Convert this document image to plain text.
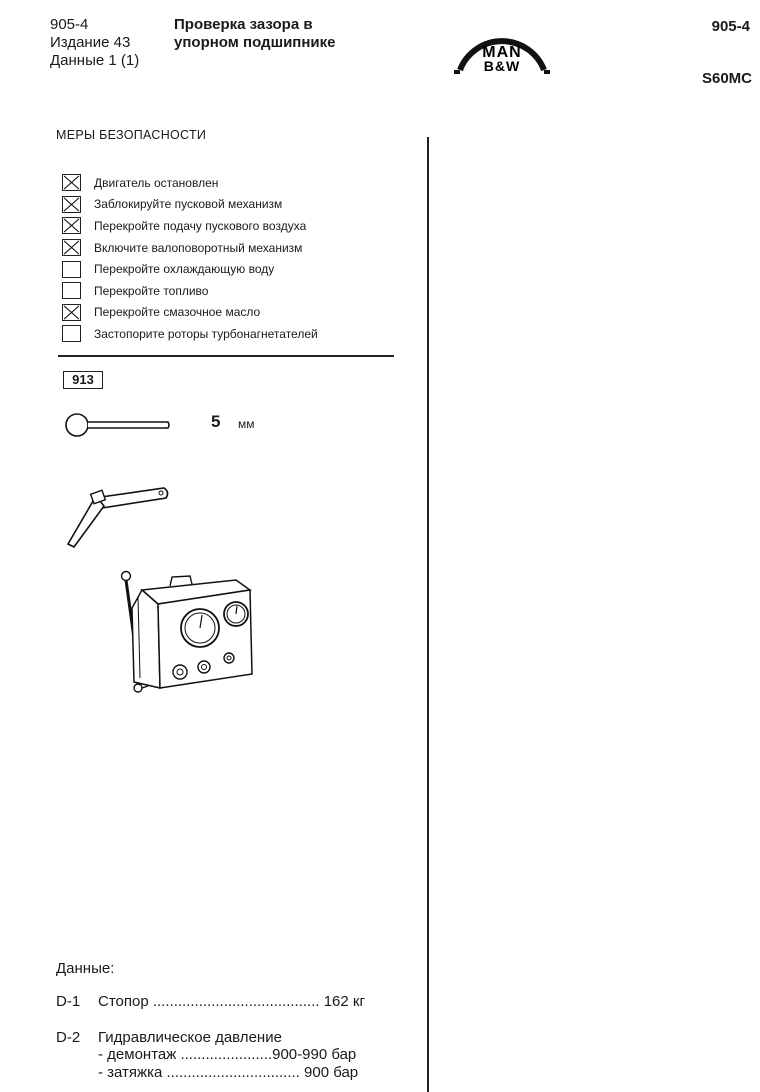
905-4
Издание 43
Данные 1 (1)
Проверка зазора в
упорном подшипнике
MAN
B&W
905-4
S60MC
МЕРЫ БЕЗОПАСНОСТИ
Двигатель остановлен
Заблокируйте пусковой механизм
Перекройте подачу пускового воздуха
Включите валоповоротный механизм
Перекройте охлаждающую воду
Перекройте топливо
Перекройте смазочное масло
Застопорите роторы турбонагнетателей
913
5 мм
Данные:
D-1 Стопор ........................................ 162 кг
D-2 Гидравлическое давление
- демонтаж ......................900-990 бар
- затяжка ................................ 900 бар
